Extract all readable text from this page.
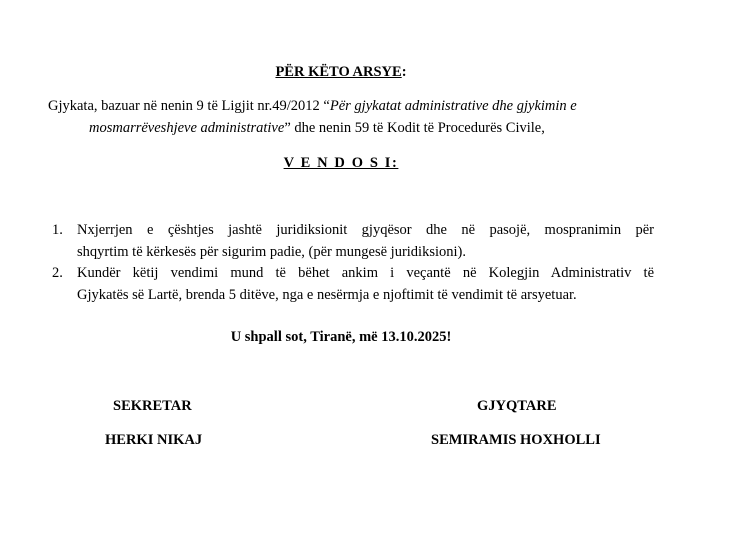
PËR KËTO ARSYE:
Gjykata, bazuar në nenin 9 të Ligjit nr.49/2012 “Për gjykatat administrative dhe gjykimin e
mosmarrëveshjeve administrative” dhe nenin 59 të Kodit të Procedurës Civile,
V E N D O S I:
1. Nxjerrjen e çështjes jashtë juridiksionit gjyqësor dhe në pasojë, mospranimin për
shqyrtim të kërkesës për sigurim padie, (për mungesë juridiksioni).
2. Kundër këtij vendimi mund të bëhet ankim i veçantë në Kolegjin Administrativ të
Gjykatës së Lartë, brenda 5 ditëve, nga e nesërmja e njoftimit të vendimit të arsyetuar.
U shpall sot, Tiranë, më 13.10.2025!
SEKRETAR
HERKI NIKAJ
GJYQTARE
SEMIRAMIS HOXHOLLI
